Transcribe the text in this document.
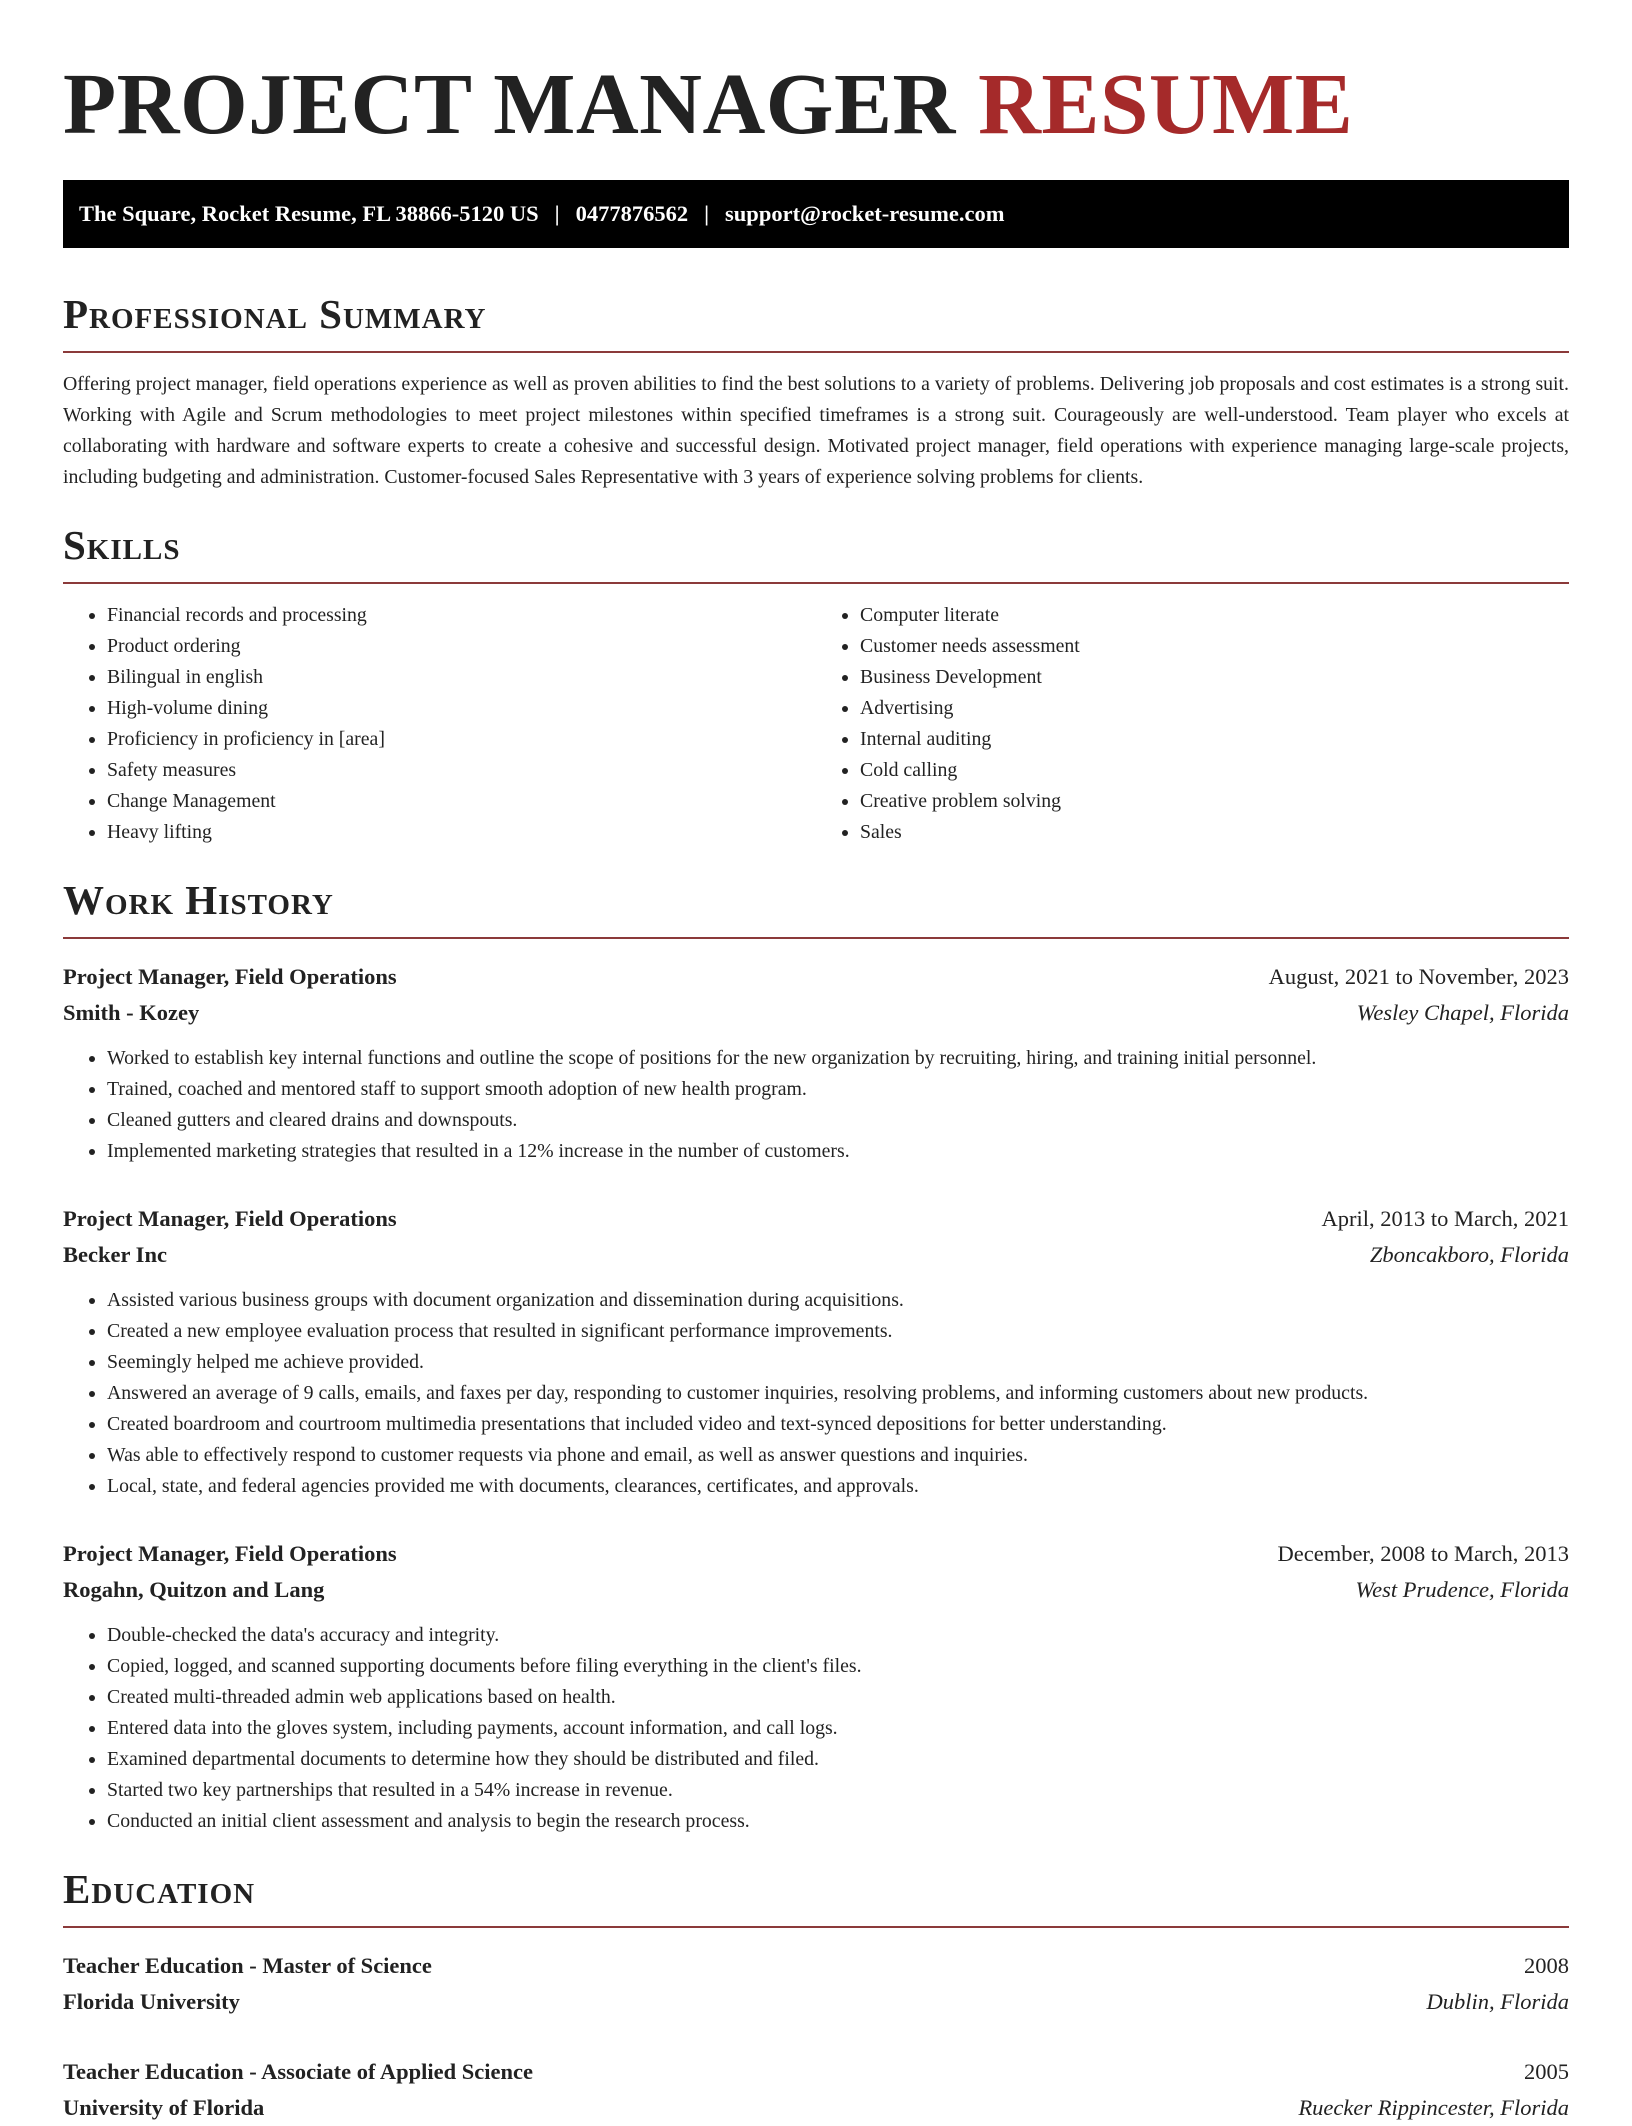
PROJECT MANAGER RESUME
The Square, Rocket Resume, FL 38866-5120 US | 0477876562 | support@rocket-resume.com
Professional Summary

Offering project manager, field operations experience as well as proven abilities to find the best solutions to a variety of problems. Delivering job proposals and cost estimates is a strong suit. Working with Agile and Scrum methodologies to meet project milestones within specified timeframes is a strong suit. Courageously are well-understood. Team player who excels at collaborating with hardware and software experts to create a cohesive and successful design. Motivated project manager, field operations with experience managing large-scale projects, including budgeting and administration. Customer-focused Sales Representative with 3 years of experience solving problems for clients.

Skills
• Financial records and processing
• Product ordering
• Bilingual in english
• High-volume dining
• Proficiency in proficiency in [area]
• Safety measures
• Change Management
• Heavy lifting
• Computer literate
• Customer needs assessment
• Business Development
• Advertising
• Internal auditing
• Cold calling
• Creative problem solving
• Sales
Work History
Project Manager, Field Operations	August, 2021 to November, 2023
Smith - Kozey	Wesley Chapel, Florida
• Worked to establish key internal functions and outline the scope of positions for the new organization by recruiting, hiring, and training initial personnel.
• Trained, coached and mentored staff to support smooth adoption of new health program.
• Cleaned gutters and cleared drains and downspouts.
• Implemented marketing strategies that resulted in a 12% increase in the number of customers.
Project Manager, Field Operations	April, 2013 to March, 2021
Becker Inc	Zboncakboro, Florida
• Assisted various business groups with document organization and dissemination during acquisitions.
• Created a new employee evaluation process that resulted in significant performance improvements.
• Seemingly helped me achieve provided.
• Answered an average of 9 calls, emails, and faxes per day, responding to customer inquiries, resolving problems, and informing customers about new products.
• Created boardroom and courtroom multimedia presentations that included video and text-synced depositions for better understanding.
• Was able to effectively respond to customer requests via phone and email, as well as answer questions and inquiries.
• Local, state, and federal agencies provided me with documents, clearances, certificates, and approvals.
Project Manager, Field Operations	December, 2008 to March, 2013
Rogahn, Quitzon and Lang	West Prudence, Florida
• Double-checked the data's accuracy and integrity.
• Copied, logged, and scanned supporting documents before filing everything in the client's files.
• Created multi-threaded admin web applications based on health.
• Entered data into the gloves system, including payments, account information, and call logs.
• Examined departmental documents to determine how they should be distributed and filed.
• Started two key partnerships that resulted in a 54% increase in revenue.
• Conducted an initial client assessment and analysis to begin the research process.
Education
Teacher Education - Master of Science	2008
Florida University	Dublin, Florida
Teacher Education - Associate of Applied Science	2005
University of Florida	Ruecker Rippincester, Florida
